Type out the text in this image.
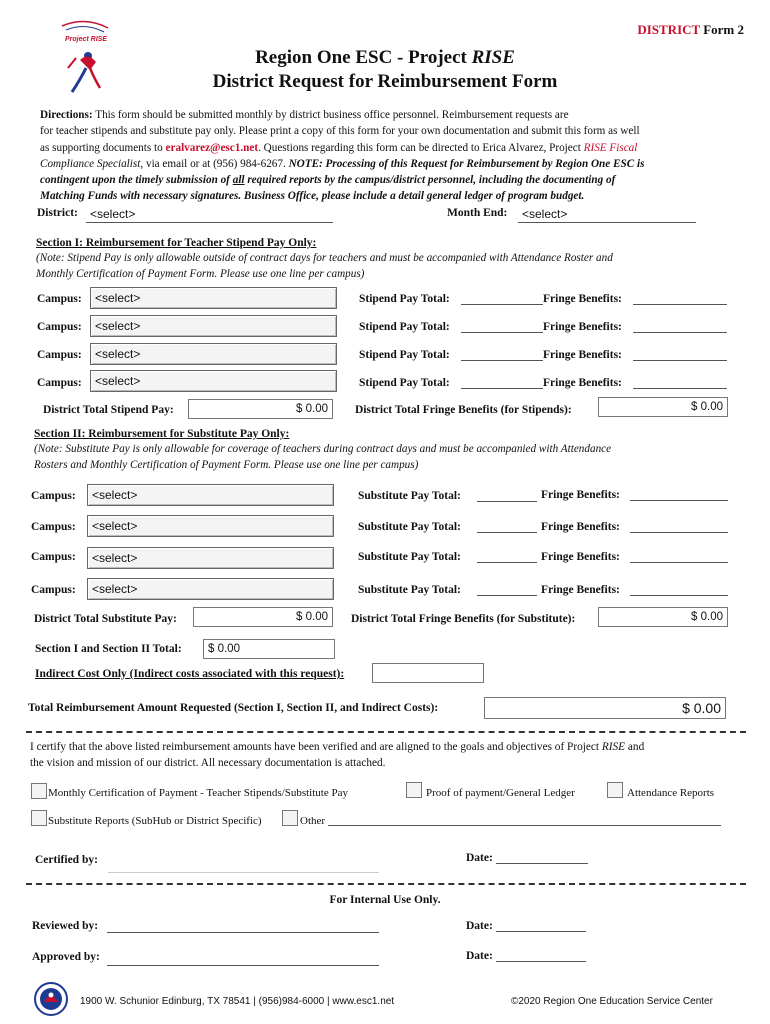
Project RISE
DISTRICT Form 2
Region One ESC - Project RISE
District Request for Reimbursement Form
Directions: This form should be submitted monthly by district business office personnel. Reimbursement requests are
for teacher stipends and substitute pay only. Please print a copy of this form for your own documentation and submit this form as well
as supporting documents to eralvarez@esc1.net. Questions regarding this form can be directed to Erica Alvarez, Project RISE Fiscal
Compliance Specialist, via email or at (956) 984-6267. NOTE: Processing of this Request for Reimbursement by Region One ESC is
contingent upon the timely submission of all required reports by the campus/district personnel, including the documenting of
Matching Funds with necessary signatures. Business Office, please include a detail general ledger of program budget.
District:	<select>	Month End:	<select>
Section I: Reimbursement for Teacher Stipend Pay Only:
(Note: Stipend Pay is only allowable outside of contract days for teachers and must be accompanied with Attendance Roster and
Monthly Certification of Payment Form. Please use one line per campus)
Campus:	<select>	Stipend Pay Total:	Fringe Benefits:
Campus:	<select>	Stipend Pay Total:	Fringe Benefits:
Campus:	<select>	Stipend Pay Total:	Fringe Benefits:
Campus:	<select>	Stipend Pay Total:	Fringe Benefits:
District Total Stipend Pay:	$ 0.00	District Total Fringe Benefits (for Stipends):	$ 0.00
Section II: Reimbursement for Substitute Pay Only:
(Note: Substitute Pay is only allowable for coverage of teachers during contract days and must be accompanied with Attendance
Rosters and Monthly Certification of Payment Form. Please use one line per campus)
Campus:	<select>	Substitute Pay Total:	Fringe Benefits:
Campus:	<select>	Substitute Pay Total:	Fringe Benefits:
Campus:	<select>	Substitute Pay Total:	Fringe Benefits:
Campus:	<select>	Substitute Pay Total:	Fringe Benefits:
District Total Substitute Pay:	$ 0.00	District Total Fringe Benefits (for Substitute):	$ 0.00
Section I and Section II Total:	$ 0.00
Indirect Cost Only (Indirect costs associated with this request):
Total Reimbursement Amount Requested (Section I, Section II, and Indirect Costs):	$ 0.00
I certify that the above listed reimbursement amounts have been verified and are aligned to the goals and objectives of Project RISE and
the vision and mission of our district. All necessary documentation is attached.
Monthly Certification of Payment - Teacher Stipends/Substitute Pay	Proof of payment/General Ledger	Attendance Reports
Substitute Reports (SubHub or District Specific)	Other
Certified by:	Date:
For Internal Use Only.
Reviewed by:	Date:
Approved by:	Date:
1900 W. Schunior Edinburg, TX 78541 | (956)984-6000 | www.esc1.net	©2020 Region One Education Service Center
